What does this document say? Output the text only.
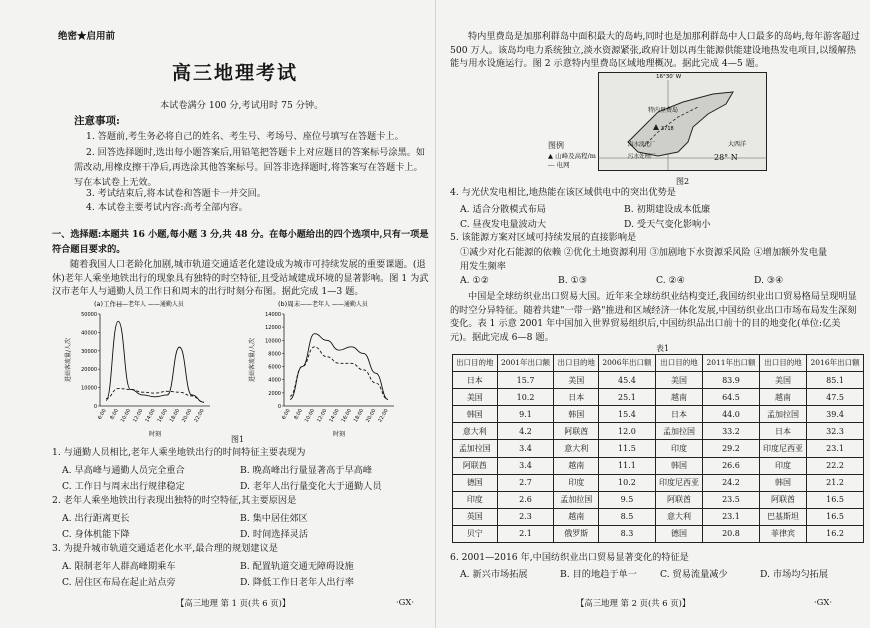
绝密★启用前
高三地理考试
本试卷满分 100 分,考试用时 75 分钟。
注意事项:
1. 答题前,考生务必将自己的姓名、考生号、考场号、座位号填写在答题卡上。
2. 回答选择题时,选出每小题答案后,用铅笔把答题卡上对应题目的答案标号涂黑。如需改动,用橡皮擦干净后,再选涂其他答案标号。回答非选择题时,将答案写在答题卡上。写在本试卷上无效。
3. 考试结束后,将本试卷和答题卡一并交回。
4. 本试卷主要考试内容:高考全部内容。
一、选择题:本题共 16 小题,每小题 3 分,共 48 分。在每小题给出的四个选项中,只有一项是符合题目要求的。
随着我国人口老龄化加剧,城市轨道交通适老化建设成为城市可持续发展的重要课题。(退休)老年人乘坐地铁出行的现象具有独特的时空特征,且受站域建成环境的显著影响。图 1 为武汉市老年人与通勤人员工作日和周末的出行时刻分布图。据此完成 1—3 题。
(a)工作日
——老年人 ——通勤人员
进站客流量/人次
时刻
0
10000
20000
30000
40000
50000
6:00 8:00 10:00 12:00 14:00 16:00 18:00 20:00 22:00
(b)周末 ——老年人 ——通勤人员
进站客流量/人次
时刻
0
2000
4000
6000
8000
10000
12000
14000
6:00 8:00 10:00 12:00 14:00 16:00 18:00 20:00 22:00
图1
1. 与通勤人员相比,老年人乘坐地铁出行的时间特征主要表现为
A. 早高峰与通勤人员完全重合	B. 晚高峰出行量显著高于早高峰
C. 工作日与周末出行规律稳定	D. 老年人出行量变化大于通勤人员
2. 老年人乘坐地铁出行表现出独特的时空特征,其主要原因是
A. 出行距离更长	B. 集中居住郊区
C. 身体机能下降	D. 时间选择灵活
3. 为提升城市轨道交通适老化水平,最合理的规划建议是
A. 限制老年人群高峰期乘车	B. 配置轨道交通无障碍设施
C. 居住区布局在起止站点旁	D. 降低工作日老年人出行率
【高三地理 第 1 页(共 6 页)】	·GX·
特内里费岛是加那利群岛中面积最大的岛屿,同时也是加那利群岛中人口最多的岛屿,每年游客超过 500 万人。该岛均电力系统独立,淡水资源紧张,政府计划以再生能源供能建设地热发电项目,以缓解热能与用水设施运行。图 2 示意特内里费岛区域地理概况。据此完成 4—5 题。
16°30′ W
特内里费岛
3718
海水淡化厂
污水处理厂
大西洋
28° N
图例
▲ 山峰及高程/m
--- 电网
图2
4. 与光伏发电相比,地热能在该区域供电中的突出优势是
A. 适合分散模式布局	B. 初期建设成本低廉
C. 昼夜发电量波动大	D. 受天气变化影响小
5. 该能源方案对区域可持续发展的直接影响是
①减少对化石能源的依赖 ②优化土地资源利用 ③加剧地下水资源采风险 ④增加额外发电量
用发生频率
A. ①②	B. ①③	C. ②④	D. ③④
中国是全球纺织业出口贸易大国。近年来全球纺织业结构变迁,我国纺织业出口贸易格局呈现明显的时空分异特征。随着共建"一带一路"推进和区域经济一体化发展,中国纺织业出口市场布局发生深刻变化。表 1 示意 2001 年中国加入世界贸易组织后,中国纺织品出口前十的目的地变化(单位:亿美元)。据此完成 6—8 题。
表1
出口目的地	2001年出口额	出口目的地	2006年出口额	出口目的地	2011年出口额	出口目的地	2016年出口额
日本	15.7	美国	45.4	美国	83.9	美国	85.1
美国	10.2	日本	25.1	越南	64.5	越南	47.5
韩国	9.1	韩国	15.4	日本	44.0	孟加拉国	39.4
意大利	4.2	阿联酋	12.0	孟加拉国	33.2	日本	32.3
孟加拉国	3.4	意大利	11.5	印度	29.2	印度尼西亚	23.1
阿联酋	3.4	越南	11.1	韩国	26.6	印度	22.2
德国	2.7	印度	10.2	印度尼西亚	24.2	韩国	21.2
印度	2.6	孟加拉国	9.5	阿联酋	23.5	阿联酋	16.5
英国	2.3	越南	8.5	意大利	23.1	巴基斯坦	16.5
贝宁	2.1	俄罗斯	8.3	德国	20.8	菲律宾	16.2
6. 2001—2016 年,中国纺织业出口贸易显著变化的特征是
A. 新兴市场拓展	B. 目的地趋于单一	C. 贸易流量减少	D. 市场均匀拓展
【高三地理 第 2 页(共 6 页)】	·GX·
